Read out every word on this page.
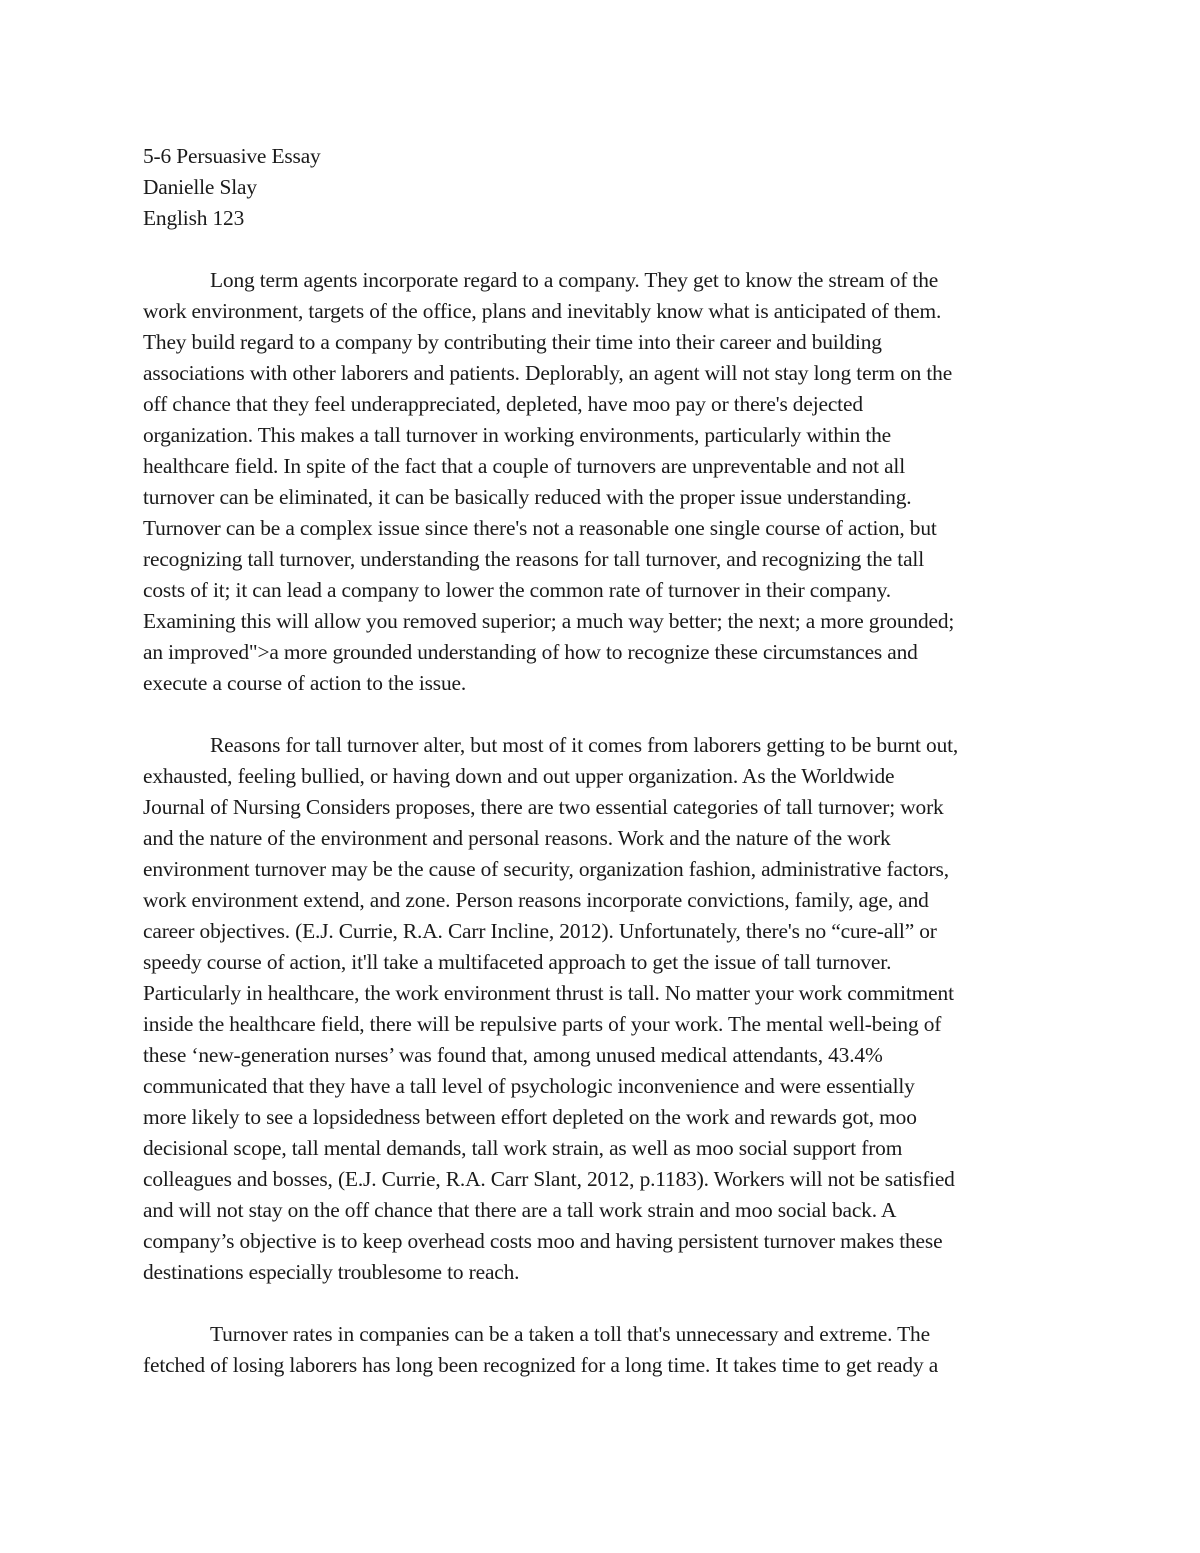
5-6 Persuasive Essay
Danielle Slay
English 123
Long term agents incorporate regard to a company. They get to know the stream of the
work environment, targets of the office, plans and inevitably know what is anticipated of them.
They build regard to a company by contributing their time into their career and building
associations with other laborers and patients. Deplorably, an agent will not stay long term on the
off chance that they feel underappreciated, depleted, have moo pay or there's dejected
organization. This makes a tall turnover in working environments, particularly within the
healthcare field. In spite of the fact that a couple of turnovers are unpreventable and not all
turnover can be eliminated, it can be basically reduced with the proper issue understanding.
Turnover can be a complex issue since there's not a reasonable one single course of action, but
recognizing tall turnover, understanding the reasons for tall turnover, and recognizing the tall
costs of it; it can lead a company to lower the common rate of turnover in their company.
Examining this will allow you removed superior; a much way better; the next; a more grounded;
an improved">a more grounded understanding of how to recognize these circumstances and
execute a course of action to the issue.
Reasons for tall turnover alter, but most of it comes from laborers getting to be burnt out,
exhausted, feeling bullied, or having down and out upper organization. As the Worldwide
Journal of Nursing Considers proposes, there are two essential categories of tall turnover; work
and the nature of the environment and personal reasons. Work and the nature of the work
environment turnover may be the cause of security, organization fashion, administrative factors,
work environment extend, and zone. Person reasons incorporate convictions, family, age, and
career objectives. (E.J. Currie, R.A. Carr Incline, 2012). Unfortunately, there's no “cure-all” or
speedy course of action, it'll take a multifaceted approach to get the issue of tall turnover.
Particularly in healthcare, the work environment thrust is tall. No matter your work commitment
inside the healthcare field, there will be repulsive parts of your work. The mental well-being of
these ‘new-generation nurses’ was found that, among unused medical attendants, 43.4%
communicated that they have a tall level of psychologic inconvenience and were essentially
more likely to see a lopsidedness between effort depleted on the work and rewards got, moo
decisional scope, tall mental demands, tall work strain, as well as moo social support from
colleagues and bosses, (E.J. Currie, R.A. Carr Slant, 2012, p.1183). Workers will not be satisfied
and will not stay on the off chance that there are a tall work strain and moo social back. A
company’s objective is to keep overhead costs moo and having persistent turnover makes these
destinations especially troublesome to reach.
Turnover rates in companies can be a taken a toll that's unnecessary and extreme. The
fetched of losing laborers has long been recognized for a long time. It takes time to get ready a
